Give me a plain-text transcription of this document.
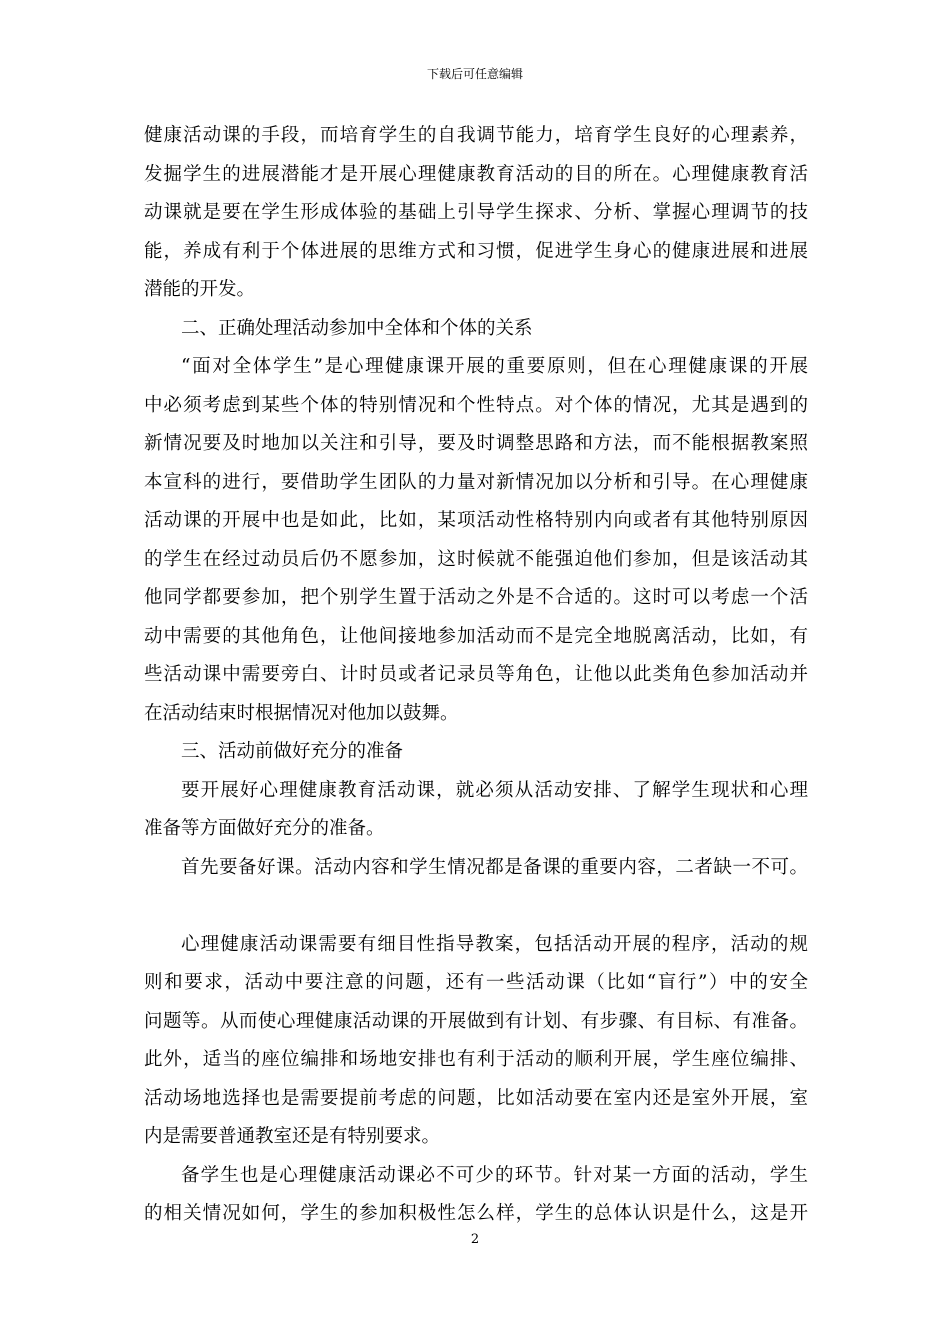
下载后可任意编辑
健康活动课的手段，而培育学生的自我调节能力，培育学生良好的心理素养，
发掘学生的进展潜能才是开展心理健康教育活动的目的所在。心理健康教育活
动课就是要在学生形成体验的基础上引导学生探求、分析、掌握心理调节的技
能，养成有利于个体进展的思维方式和习惯，促进学生身心的健康进展和进展
潜能的开发。
二、正确处理活动参加中全体和个体的关系
“面对全体学生”是心理健康课开展的重要原则，但在心理健康课的开展
中必须考虑到某些个体的特别情况和个性特点。对个体的情况，尤其是遇到的
新情况要及时地加以关注和引导，要及时调整思路和方法，而不能根据教案照
本宣科的进行，要借助学生团队的力量对新情况加以分析和引导。在心理健康
活动课的开展中也是如此，比如，某项活动性格特别内向或者有其他特别原因
的学生在经过动员后仍不愿参加，这时候就不能强迫他们参加，但是该活动其
他同学都要参加，把个别学生置于活动之外是不合适的。这时可以考虑一个活
动中需要的其他角色，让他间接地参加活动而不是完全地脱离活动，比如，有
些活动课中需要旁白、计时员或者记录员等角色，让他以此类角色参加活动并
在活动结束时根据情况对他加以鼓舞。
三、活动前做好充分的准备
要开展好心理健康教育活动课，就必须从活动安排、了解学生现状和心理
准备等方面做好充分的准备。
首先要备好课。活动内容和学生情况都是备课的重要内容，二者缺一不可。
心理健康活动课需要有细目性指导教案，包括活动开展的程序，活动的规
则和要求，活动中要注意的问题，还有一些活动课（比如“盲行”）中的安全
问题等。从而使心理健康活动课的开展做到有计划、有步骤、有目标、有准备。
此外，适当的座位编排和场地安排也有利于活动的顺利开展，学生座位编排、
活动场地选择也是需要提前考虑的问题，比如活动要在室内还是室外开展，室
内是需要普通教室还是有特别要求。
备学生也是心理健康活动课必不可少的环节。针对某一方面的活动，学生
的相关情况如何，学生的参加积极性怎么样，学生的总体认识是什么，这是开
2
